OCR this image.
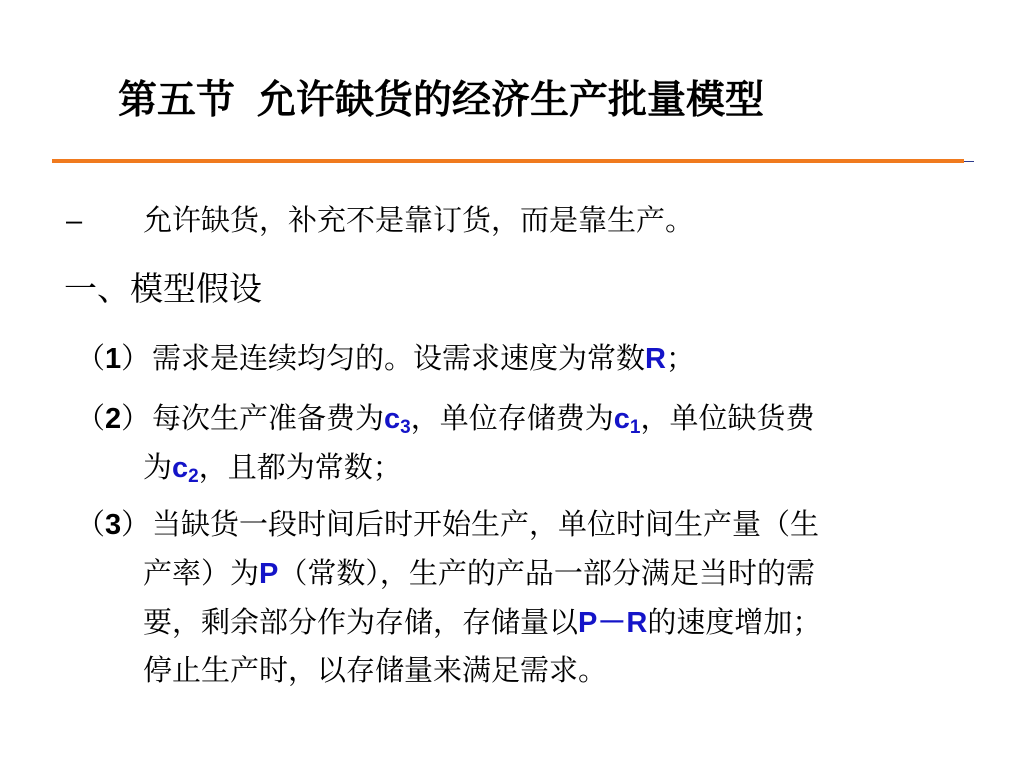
第五节 允许缺货的经济生产批量模型
– 允许缺货，补充不是靠订货，而是靠生产。
一、模型假设
（1） 需求是连续均匀的。设需求速度为常数R；
（2） 每次生产准备费为$c_3$，单位存储费为$c_1$，单位缺货费
为$c_2$，且都为常数；
（3） 当缺货一段时间后时开始生产，单位时间生产量（生
产率）为P（常数），生产的产品一部分满足当时的需
要，剩余部分作为存储，存储量以P－R的速度增加；
停止生产时，以存储量来满足需求。
